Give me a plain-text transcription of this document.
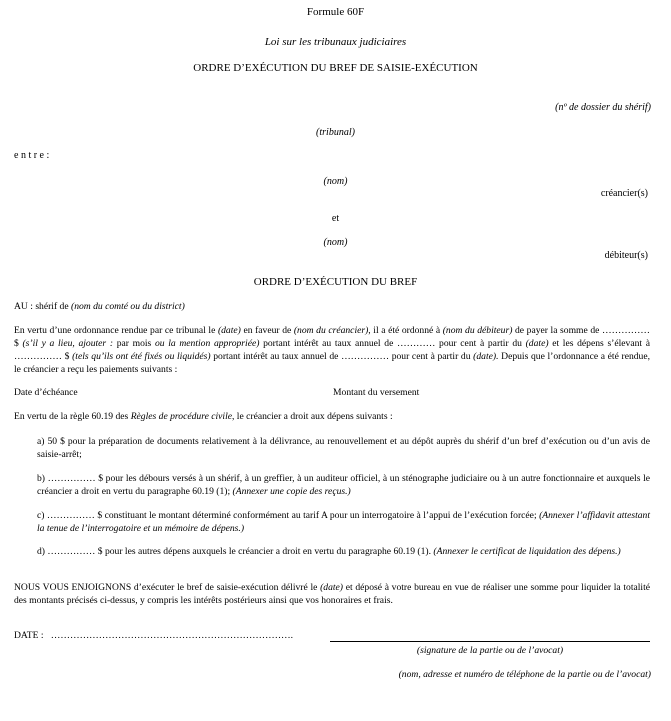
Formule 60F
Loi sur les tribunaux judiciaires
ORDRE D’EXÉCUTION DU BREF DE SAISIE-EXÉCUTION
(nº de dossier du shérif)
(tribunal)
e n t r e :
(nom)
créancier(s)
et
(nom)
débiteur(s)
ORDRE D’EXÉCUTION DU BREF
AU : shérif de (nom du comté ou du district)
En vertu d’une ordonnance rendue par ce tribunal le (date) en faveur de (nom du créancier), il a été ordonné à (nom du débiteur) de payer la somme de …………… $ (s’il y a lieu, ajouter : par mois ou la mention appropriée) portant intérêt au taux annuel de ………… pour cent à partir du (date) et les dépens s’élevant à …………… $ (tels qu’ils ont été fixés ou liquidés) portant intérêt au taux annuel de …………… pour cent à partir du (date). Depuis que l’ordonnance a été rendue, le créancier a reçu les paiements suivants :
Date d’échéance	Montant du versement
En vertu de la règle 60.19 des Règles de procédure civile, le créancier a droit aux dépens suivants :
a) 50 $ pour la préparation de documents relativement à la délivrance, au renouvellement et au dépôt auprès du shérif d’un bref d’exécution ou d’un avis de saisie-arrêt;
b) …………… $ pour les débours versés à un shérif, à un greffier, à un auditeur officiel, à un sténographe judiciaire ou à un autre fonctionnaire et auxquels le créancier a droit en vertu du paragraphe 60.19 (1); (Annexer une copie des reçus.)
c) …………… $ constituant le montant déterminé conformément au tarif A pour un interrogatoire à l’appui de l’exécution forcée; (Annexer l’affidavit attestant la tenue de l’interrogatoire et un mémoire de dépens.)
d) …………… $ pour les autres dépens auxquels le créancier a droit en vertu du paragraphe 60.19 (1). (Annexer le certificat de liquidation des dépens.)
NOUS VOUS ENJOIGNONS d’exécuter le bref de saisie-exécution délivré le (date) et déposé à votre bureau en vue de réaliser une somme pour liquider la totalité des montants précisés ci-dessus, y compris les intérêts postérieurs ainsi que vos honoraires et frais.
DATE : ………………………………………………………………….
(signature de la partie ou de l’avocat)
(nom, adresse et numéro de téléphone de la partie ou de l’avocat)
